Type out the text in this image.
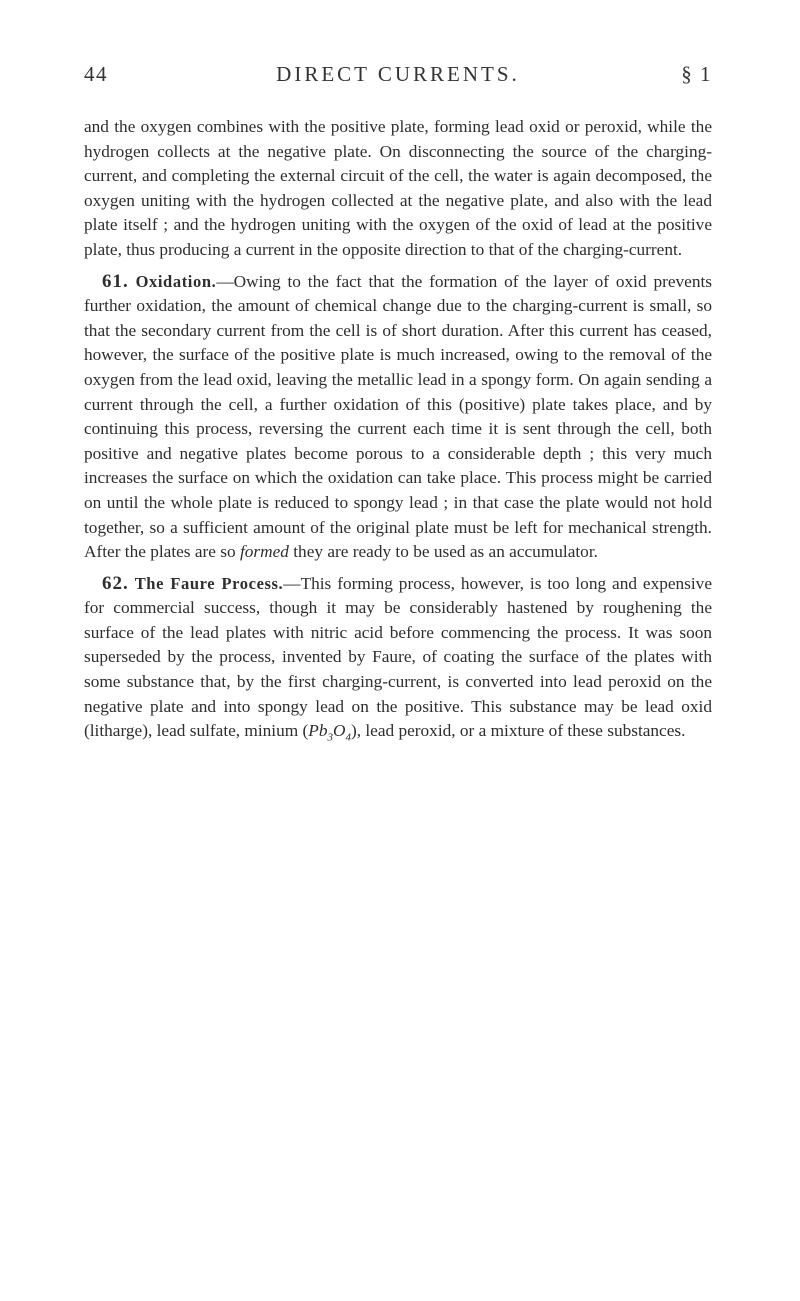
44	DIRECT CURRENTS.	§ 1

and the oxygen combines with the positive plate, forming lead oxid or peroxid, while the hydrogen collects at the negative plate. On disconnecting the source of the charging-current, and completing the external circuit of the cell, the water is again decomposed, the oxygen uniting with the hydrogen collected at the negative plate, and also with the lead plate itself ; and the hydrogen uniting with the oxygen of the oxid of lead at the positive plate, thus producing a current in the opposite direction to that of the charging-current.

61. Oxidation.—Owing to the fact that the formation of the layer of oxid prevents further oxidation, the amount of chemical change due to the charging-current is small, so that the secondary current from the cell is of short duration. After this current has ceased, however, the surface of the positive plate is much increased, owing to the removal of the oxygen from the lead oxid, leaving the metallic lead in a spongy form. On again sending a current through the cell, a further oxidation of this (positive) plate takes place, and by continuing this process, reversing the current each time it is sent through the cell, both positive and negative plates become porous to a considerable depth ; this very much increases the surface on which the oxidation can take place. This process might be carried on until the whole plate is reduced to spongy lead ; in that case the plate would not hold together, so a sufficient amount of the original plate must be left for mechanical strength. After the plates are so formed they are ready to be used as an accumulator.

62. The Faure Process.—This forming process, however, is too long and expensive for commercial success, though it may be considerably hastened by roughening the surface of the lead plates with nitric acid before commencing the process. It was soon superseded by the process, invented by Faure, of coating the surface of the plates with some substance that, by the first charging-current, is converted into lead peroxid on the negative plate and into spongy lead on the positive. This substance may be lead oxid (litharge), lead sulfate, minium $(Pb_3O_4)$, lead peroxid, or a mixture of these substances.
